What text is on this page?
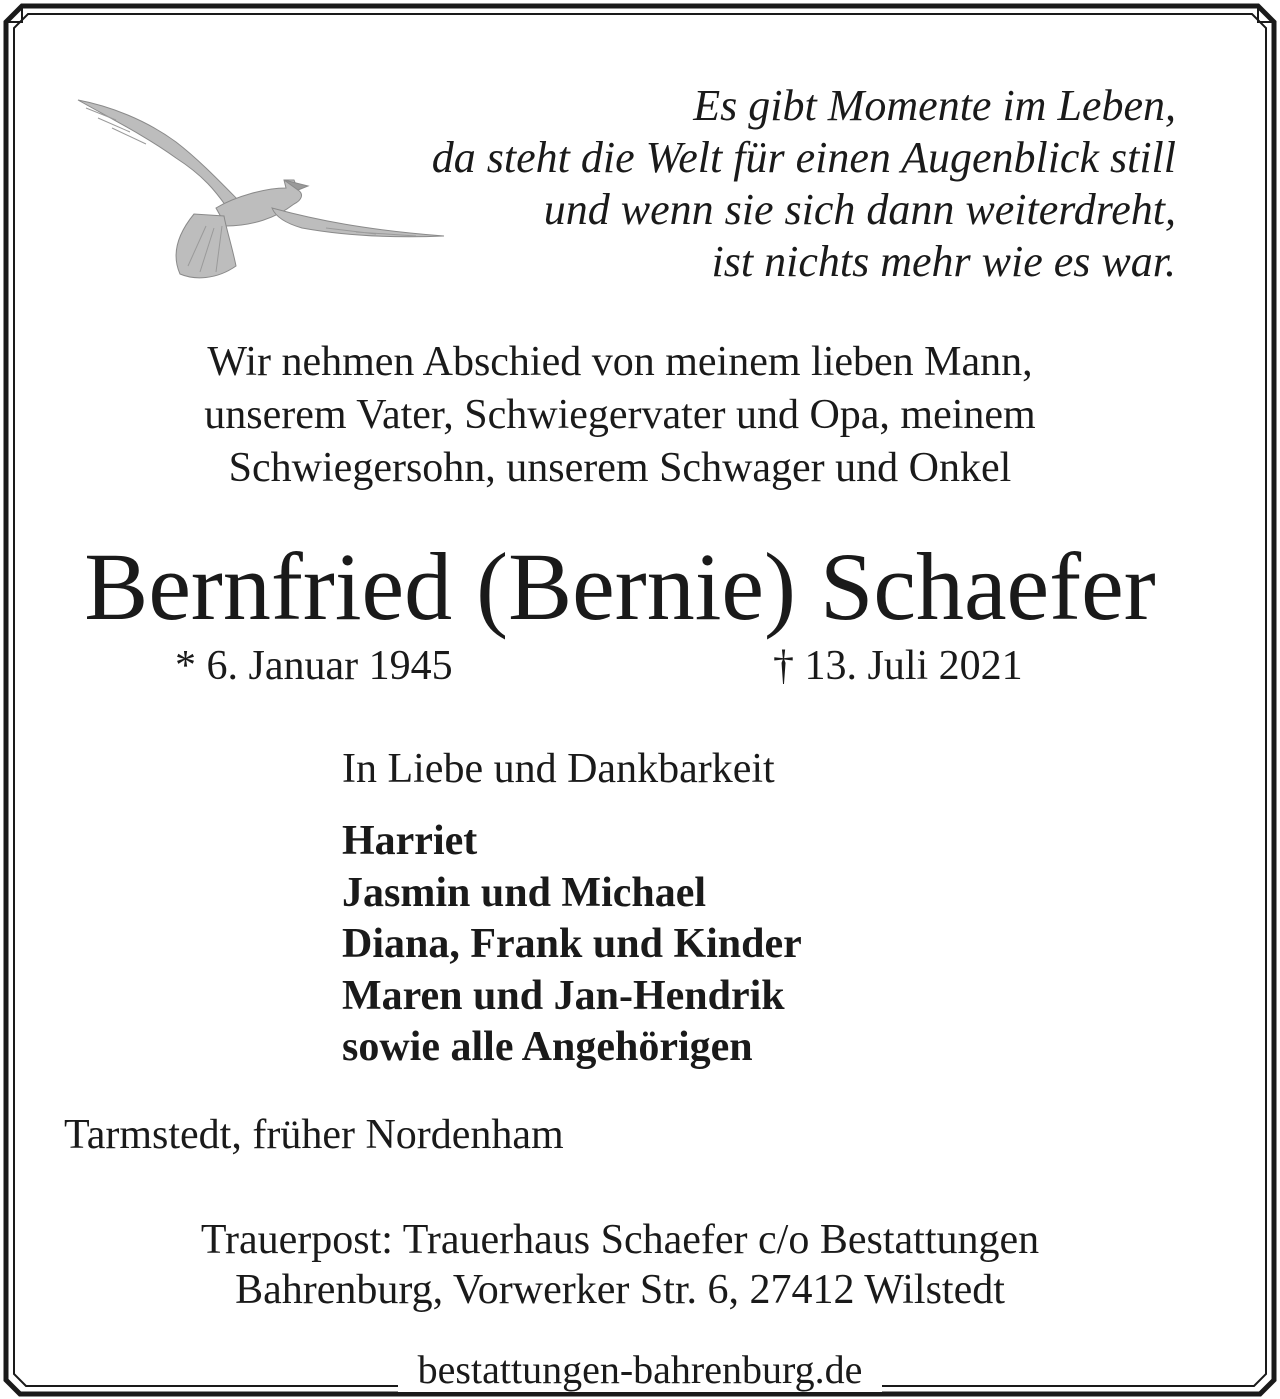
Es gibt Momente im Leben,
da steht die Welt für einen Augenblick still
und wenn sie sich dann weiterdreht,
ist nichts mehr wie es war.
Wir nehmen Abschied von meinem lieben Mann,
unserem Vater, Schwiegervater und Opa, meinem
Schwiegersohn, unserem Schwager und Onkel
Bernfried (Bernie) Schaefer
* 6. Januar 1945	† 13. Juli 2021
In Liebe und Dankbarkeit
Harriet
Jasmin und Michael
Diana, Frank und Kinder
Maren und Jan-Hendrik
sowie alle Angehörigen
Tarmstedt, früher Nordenham
Trauerpost: Trauerhaus Schaefer c/o Bestattungen
Bahrenburg, Vorwerker Str. 6, 27412 Wilstedt
bestattungen-bahrenburg.de
